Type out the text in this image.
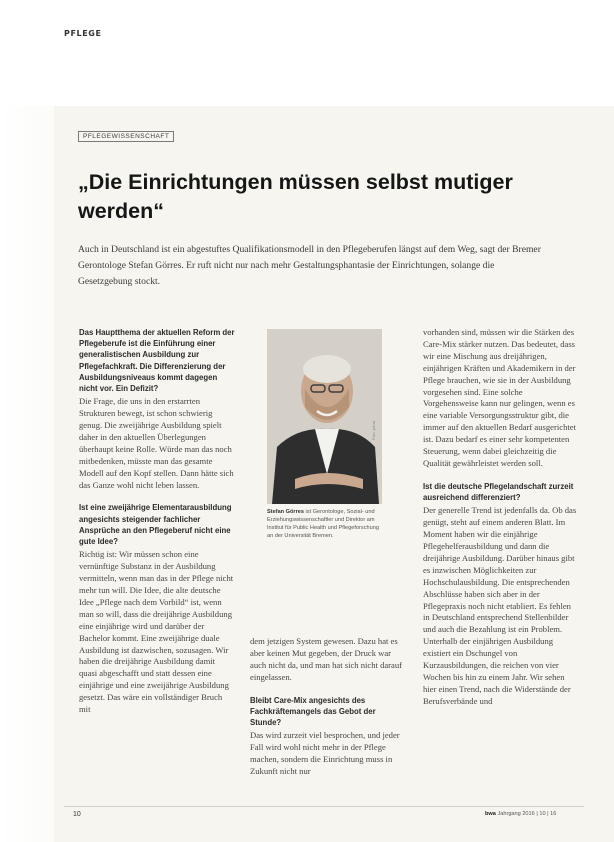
PFLEGE
PFLEGEWISSENSCHAFT
„Die Einrichtungen müssen selbst mutiger werden“

Auch in Deutschland ist ein abgestuftes Qualifikationsmodell in den Pflegeberufen längst auf dem Weg, sagt der Bremer Gerontologe Stefan Görres. Er ruft nicht nur nach mehr Gestaltungsphantasie der Einrichtungen, solange die Gesetzgebung stockt.

Das Hauptthema der aktuellen Reform der Pflegeberufe ist die Einführung einer generalistischen Ausbildung zur Pflegefachkraft. Die Differenzierung der Ausbildungsniveaus kommt dagegen nicht vor. Ein Defizit?

Die Frage, die uns in den erstarrten Strukturen bewegt, ist schon schwierig genug. Die zweijährige Ausbildung spielt daher in den aktuellen Überlegungen überhaupt keine Rolle. Würde man das noch mitbedenken, müsste man das gesamte Modell auf den Kopf stellen. Dann hätte sich das Ganze wohl nicht leben lassen.

Ist eine zweijährige Elementarausbildung angesichts steigender fachlicher Ansprüche an den Pflegeberuf nicht eine gute Idee?

Richtig ist: Wir müssen schon eine vernünftige Substanz in der Ausbildung vermitteln, wenn man das in der Pflege nicht mehr tun will. Die Idee, die alte deutsche Idee „Pflege nach dem Vorbild“ ist, wenn man so will, dass die dreijährige Ausbildung eine einjährige wird und darüber der Bachelor kommt. Eine zweijährige duale Ausbildung ist dazwischen, sozusagen. Wir haben die dreijährige Ausbildung damit quasi abgeschafft und statt dessen eine einjährige und eine zweijährige Ausbildung gesetzt. Das wäre ein vollständiger Bruch mit

dem jetzigen System gewesen. Dazu hat es aber keinen Mut gegeben, der Druck war auch nicht da, und man hat sich nicht darauf eingelassen.

Bleibt Care-Mix angesichts des Fachkräftemangels das Gebot der Stunde?

Das wird zurzeit viel besprochen, und jeder Fall wird wohl nicht mehr in der Pflege machen, sondern die Einrichtung muss in Zukunft nicht nur

vorhanden sind, müssen wir die Stärken des Care-Mix stärker nutzen. Das bedeutet, dass wir eine Mischung aus dreijährigen, einjährigen Kräften und Akademikern in der Pflege brauchen, wie sie in der Ausbildung vorgesehen sind. Eine solche Vorgehensweise kann nur gelingen, wenn es eine variable Versorgungsstruktur gibt, die immer auf den aktuellen Bedarf ausgerichtet ist. Dazu bedarf es einer sehr kompetenten Steuerung, wenn dabei gleichzeitig die Qualität gewährleistet werden soll.

Ist die deutsche Pflegelandschaft zurzeit ausreichend differenziert?

Der generelle Trend ist jedenfalls da. Ob das genügt, steht auf einem anderen Blatt. Im Moment haben wir die einjährige Pflegehelferausbildung und dann die dreijährige Ausbildung. Darüber hinaus gibt es inzwischen Möglichkeiten zur Hochschulausbildung. Die entsprechenden Abschlüsse haben sich aber in der Pflegepraxis noch nicht etabliert. Es fehlen in Deutschland entsprechend Stellenbilder und auch die Bezahlung ist ein Problem. Unterhalb der einjährigen Ausbildung existiert ein Dschungel von Kurzausbildungen, die reichen von vier Wochen bis hin zu einem Jahr. Wir sehen hier einen Trend, nach die Widerstände der Berufsverbände und

Foto: privat

Stefan Görres ist Gerontologe, Sozial- und Erziehungswissenschaftler und Direktor am Institut für Public Health und Pflegeforschung an der Universität Bremen.

10	bwa Jahrgang 2016 | 10 | 16
